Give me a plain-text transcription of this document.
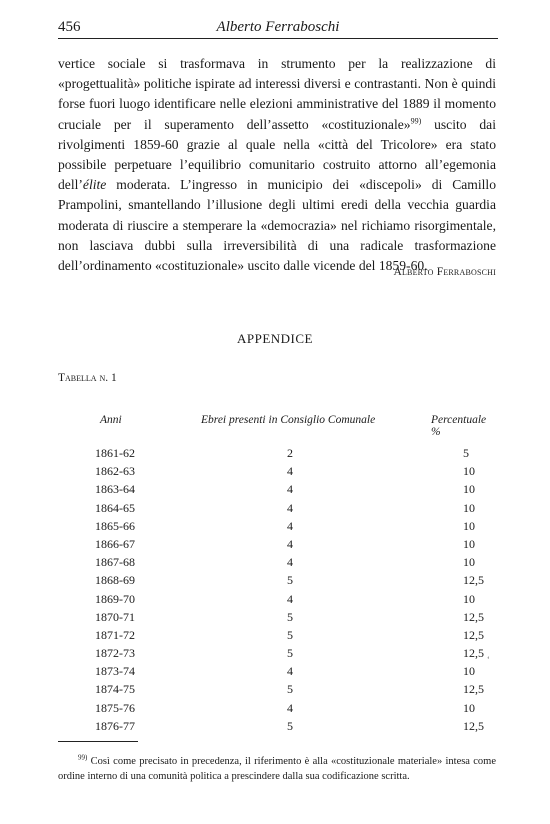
456	Alberto Ferraboschi

vertice sociale si trasformava in strumento per la realizzazione di «progettualità» politiche ispirate ad interessi diversi e contrastanti. Non è quindi forse fuori luogo identificare nelle elezioni amministrative del 1889 il momento cruciale per il superamento dell’assetto «costituzionale»$^{99)}$ uscito dai rivolgimenti 1859-60 grazie al quale nella «città del Tricolore» era stato possibile perpetuare l’equilibrio comunitario costruito attorno all’egemonia dell’élite moderata. L’ingresso in municipio dei «discepoli» di Camillo Prampolini, smantellando l’illusione degli ultimi eredi della vecchia guardia moderata di riuscire a stemperare la «democrazia» nel richiamo risorgimentale, non lasciava dubbi sulla irreversibilità di una radicale trasformazione dell’ordinamento «costituzionale» uscito dalle vicende del 1859-60.

Alberto Ferraboschi
APPENDICE
Tabella n. 1
Anni	Ebrei presenti in Consiglio Comunale	Percentuale %
1861-62	2	5
1862-63	4	10
1863-64	4	10
1864-65	4	10
1865-66	4	10
1866-67	4	10
1867-68	4	10
1868-69	5	12,5
1869-70	4	10
1870-71	5	12,5
1871-72	5	12,5
1872-73	5	12,5
1873-74	4	10
1874-75	5	12,5
1875-76	4	10
1876-77	5	12,5
ʻ

$^{99)}$ Così come precisato in precedenza, il riferimento è alla «costituzionale materiale» intesa come ordine interno di una comunità politica a prescindere dalla sua codificazione scritta.
